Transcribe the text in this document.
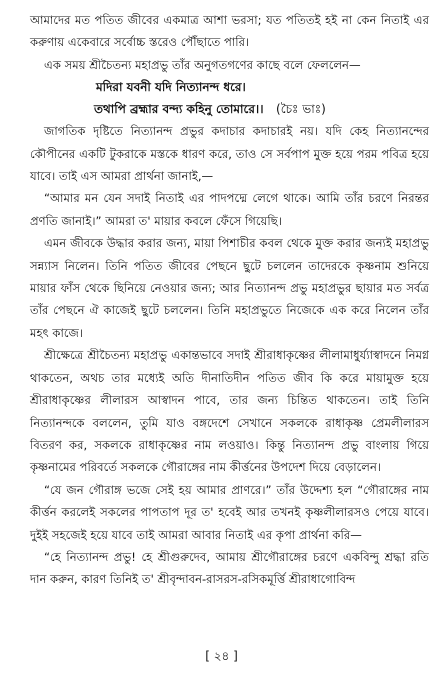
আমাদের মত পতিত জীবের একমাত্র আশা ভরসা; যত পতিতই হই না কেন নিতাই এর করুণায় একেবারে সর্বোচ্চ স্তরেও পৌঁছাতে পারি।

এক সময় শ্রীচৈতন্য মহাপ্রভু তাঁর অনুগতগণের কাছে বলে ফেললেন—

মদিরা যবনী যদি নিত্যানন্দ ধরে।

তথাপি ব্রহ্মার বন্দ্য কহিনু তোমারে।। (চৈঃ ভাঃ)

জাগতিক দৃষ্টিতে নিত্যানন্দ প্রভুর কদাচার কদাচারই নয়। যদি কেহ নিত্যানন্দের কৌপীনের একটি টুকরাকে মস্তকে ধারণ করে, তাও সে সর্বপাপ মুক্ত হয়ে পরম পবিত্র হয়ে যাবে। তাই এস আমরা প্রার্থনা জানাই,—

“আমার মন যেন সদাই নিতাই এর পাদপদ্মে লেগে থাকে। আমি তাঁর চরণে নিরন্তর প্রণতি জানাই।” আমরা ত' মায়ার কবলে ফেঁসে গিয়েছি।

এমন জীবকে উদ্ধার করার জন্য, মায়া পিশাচীর কবল থেকে মুক্ত করার জন্যই মহাপ্রভু সন্ন্যাস নিলেন। তিনি পতিত জীবের পেছনে ছুটে চললেন তাদেরকে কৃষ্ণনাম শুনিয়ে মায়ার ফাঁস থেকে ছিনিয়ে নেওয়ার জন্য; আর নিত্যানন্দ প্রভু মহাপ্রভুর ছায়ার মত সর্বত্র তাঁর পেছনে ঐ কাজেই ছুটে চললেন। তিনি মহাপ্রভুতে নিজেকে এক করে নিলেন তাঁর মহৎ কাজে।

শ্রীক্ষেত্রে শ্রীচৈতন্য মহাপ্রভু একান্তভাবে সদাই শ্রীরাধাকৃষ্ণের লীলামাধুর্য্যাস্বাদনে নিমগ্ন থাকতেন, অথচ তার মধ্যেই অতি দীনাতিদীন পতিত জীব কি করে মায়ামুক্ত হয়ে শ্রীরাধাকৃষ্ণের লীলারস আস্বাদন পাবে, তার জন্য চিন্তিত থাকতেন। তাই তিনি নিত্যানন্দকে বললেন, তুমি যাও বঙ্গদেশে সেখানে সকলকে রাধাকৃষ্ণ প্রেমলীলারস বিতরণ কর, সকলকে রাধাকৃষ্ণের নাম লওয়াও। কিন্তু নিত্যানন্দ প্রভু বাংলায় গিয়ে কৃষ্ণনামের পরিবর্তে সকলকে গৌরাঙ্গের নাম কীর্ত্তনের উপদেশ দিয়ে বেড়ালেন।

“যে জন গৌরাঙ্গ ভজে সেই হয় আমার প্রাণরে।” তাঁর উদ্দেশ্য হল “গৌরাঙ্গের নাম কীর্ত্তন করলেই সকলের পাপতাপ দূর ত' হবেই আর তখনই কৃষ্ণলীলারসও পেয়ে যাবে। দুইই সহজেই হয়ে যাবে তাই আমরা আবার নিতাই এর কৃপা প্রার্থনা করি—

“হে নিত্যানন্দ প্রভু! হে শ্রীগুরুদেব, আমায় শ্রীগৌরাঙ্গের চরণে একবিন্দু শ্রদ্ধা রতি দান করুন, কারণ তিনিই ত' শ্রীবৃন্দাবন-রাসরস-রসিকমূর্ত্তি শ্রীরাধাগোবিন্দ

[ ২৪ ]
